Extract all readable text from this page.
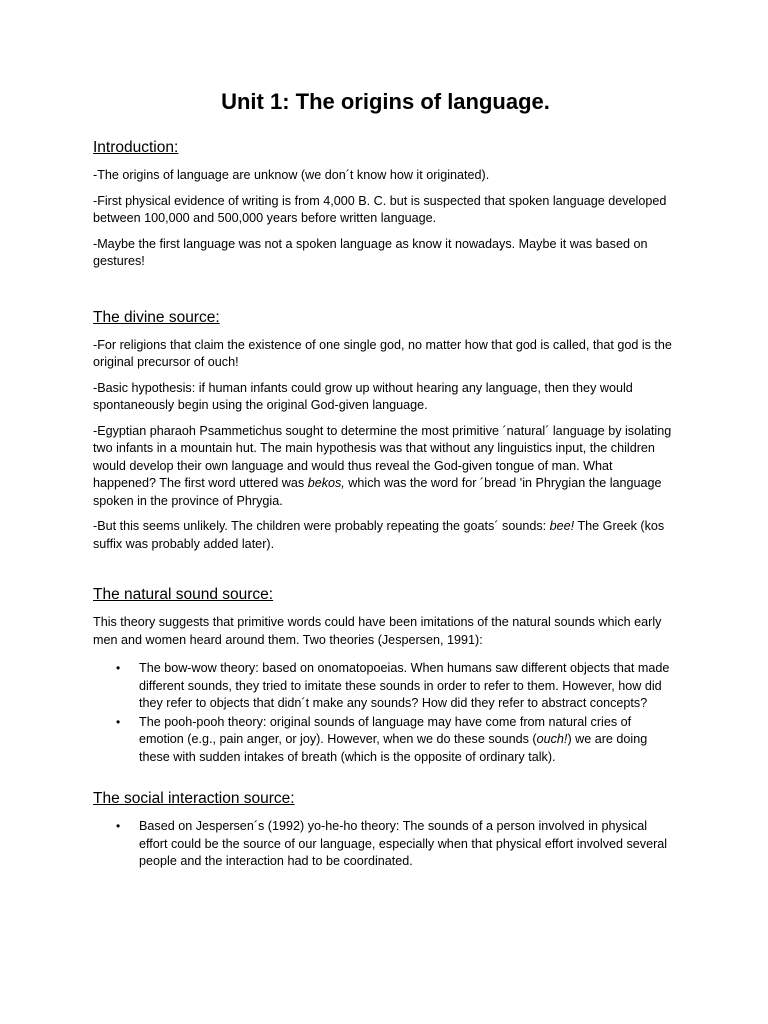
Unit 1: The origins of language.
Introduction:

-The origins of language are unknow (we don´t know how it originated).

-First physical evidence of writing is from 4,000 B. C. but is suspected that spoken language developed between 100,000 and 500,000 years before written language.

-Maybe the first language was not a spoken language as know it nowadays. Maybe it was based on gestures!

The divine source:

-For religions that claim the existence of one single god, no matter how that god is called, that god is the original precursor of ouch!

-Basic hypothesis: if human infants could grow up without hearing any language, then they would spontaneously begin using the original God-given language.

-Egyptian pharaoh Psammetichus sought to determine the most primitive ´natural´ language by isolating two infants in a mountain hut. The main hypothesis was that without any linguistics input, the children would develop their own language and would thus reveal the God-given tongue of man. What happened? The first word uttered was bekos, which was the word for ´bread 'in Phrygian the language spoken in the province of Phrygia.

-But this seems unlikely. The children were probably repeating the goats´ sounds: bee! The Greek (kos suffix was probably added later).

The natural sound source:

This theory suggests that primitive words could have been imitations of the natural sounds which early men and women heard around them. Two theories (Jespersen, 1991):

• The bow-wow theory: based on onomatopoeias. When humans saw different objects that made different sounds, they tried to imitate these sounds in order to refer to them. However, how did they refer to objects that didn´t make any sounds? How did they refer to abstract concepts?
• The pooh-pooh theory: original sounds of language may have come from natural cries of emotion (e.g., pain anger, or joy). However, when we do these sounds (ouch!) we are doing these with sudden intakes of breath (which is the opposite of ordinary talk).
The social interaction source:
• Based on Jespersen´s (1992) yo-he-ho theory: The sounds of a person involved in physical effort could be the source of our language, especially when that physical effort involved several people and the interaction had to be coordinated.
